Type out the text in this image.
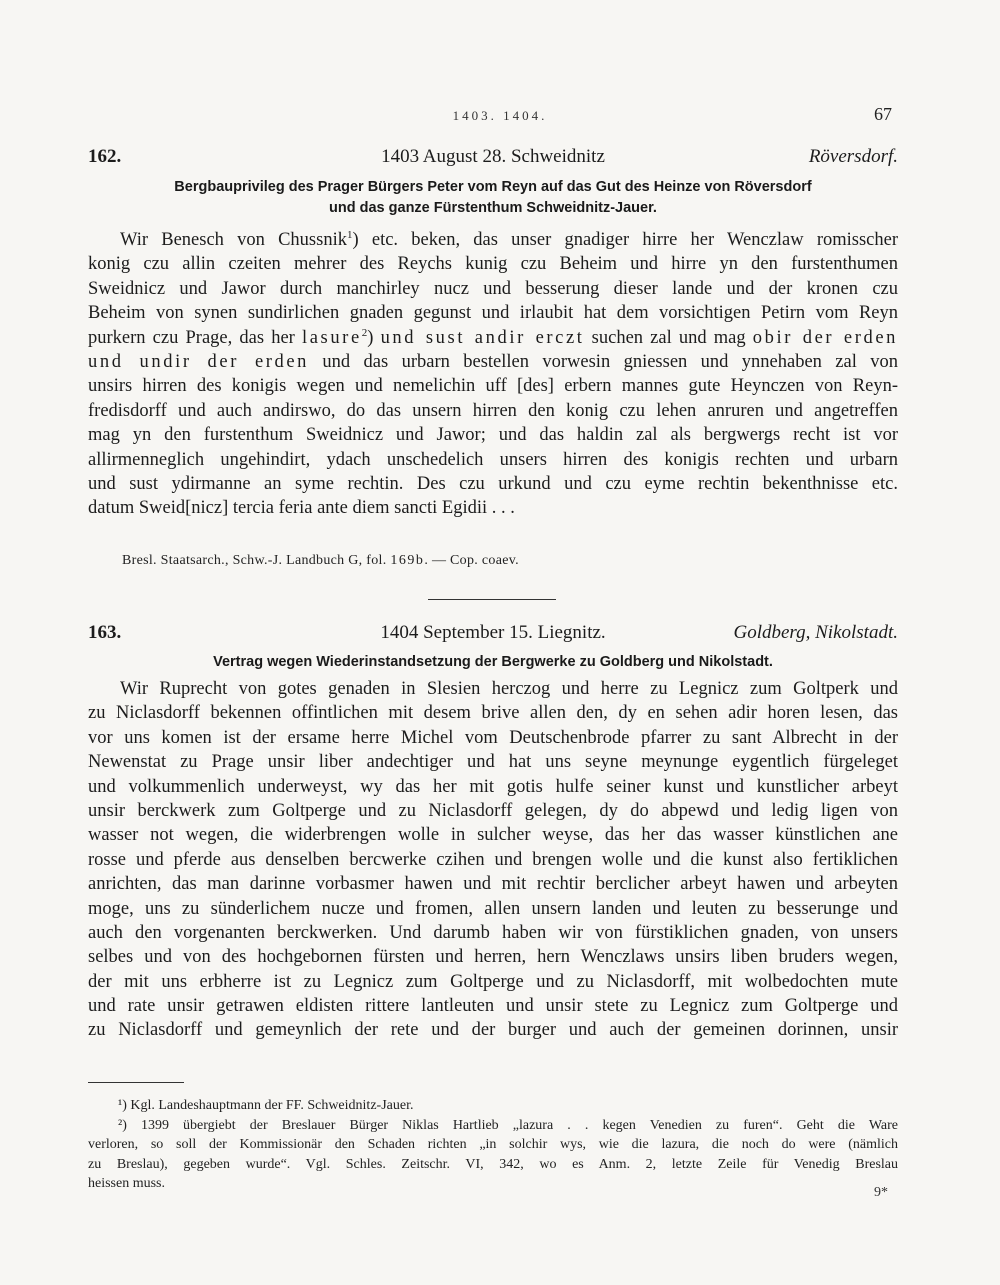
1403. 1404.	67
1403 August 28. Schweidnitz
162.	Röversdorf.
Bergbauprivileg des Prager Bürgers Peter vom Reyn auf das Gut des Heinze von Röversdorf
und das ganze Fürstenthum Schweidnitz-Jauer.
Wir Benesch von Chussnik$^1$) etc. beken, das unser gnadiger hirre her Wenczlaw romisscher
konig czu allin czeiten mehrer des Reychs kunig czu Beheim und hirre yn den furstenthumen
Sweidnicz und Jawor durch manchirley nucz und besserung dieser lande und der kronen czu
Beheim von synen sundirlichen gnaden gegunst und irlaubit hat dem vorsichtigen Petirn vom Reyn
purkern czu Prage, das her lasure$^2$) und sust andir erczt suchen zal und mag obir der erden
und undir der erden und das urbarn bestellen vorwesin gniessen und ynnehaben zal von
unsirs hirren des konigis wegen und nemelichin uff [des] erbern mannes gute Heynczen von Reyn-
fredisdorff und auch andirswo, do das unsern hirren den konig czu lehen anruren und angetreffen
mag yn den furstenthum Sweidnicz und Jawor; und das haldin zal als bergwergs recht ist vor
allirmenneglich ungehindirt, ydach unschedelich unsers hirren des konigis rechten und urbarn
und sust ydirmanne an syme rechtin. Des czu urkund und czu eyme rechtin bekenthnisse etc.
datum Sweid[nicz] tercia feria ante diem sancti Egidii . . .
Bresl. Staatsarch., Schw.-J. Landbuch G, fol. 169b. — Cop. coaev.
1404 September 15. Liegnitz.
163.	Goldberg, Nikolstadt.
Vertrag wegen Wiederinstandsetzung der Bergwerke zu Goldberg und Nikolstadt.
Wir Ruprecht von gotes genaden in Slesien herczog und herre zu Legnicz zum Goltperk und
zu Niclasdorff bekennen offintlichen mit desem brive allen den, dy en sehen adir horen lesen, das
vor uns komen ist der ersame herre Michel vom Deutschenbrode pfarrer zu sant Albrecht in der
Newenstat zu Prage unsir liber andechtiger und hat uns seyne meynunge eygentlich fürgeleget
und volkummenlich underweyst, wy das her mit gotis hulfe seiner kunst und kunstlicher arbeyt
unsir berckwerk zum Goltperge und zu Niclasdorff gelegen, dy do abpewd und ledig ligen von
wasser not wegen, die widerbrengen wolle in sulcher weyse, das her das wasser künstlichen ane
rosse und pferde aus denselben bercwerke czihen und brengen wolle und die kunst also fertiklichen
anrichten, das man darinne vorbasmer hawen und mit rechtir berclicher arbeyt hawen und arbeyten
moge, uns zu sünderlichem nucze und fromen, allen unsern landen und leuten zu besserunge und
auch den vorgenanten berckwerken. Und darumb haben wir von fürstiklichen gnaden, von unsers
selbes und von des hochgebornen fürsten und herren, hern Wenczlaws unsirs liben bruders wegen,
der mit uns erbherre ist zu Legnicz zum Goltperge und zu Niclasdorff, mit wolbedochten mute
und rate unsir getrawen eldisten rittere lantleuten und unsir stete zu Legnicz zum Goltperge und
zu Niclasdorff und gemeynlich der rete und der burger und auch der gemeinen dorinnen, unsir
¹) Kgl. Landeshauptmann der FF. Schweidnitz-Jauer.
²) 1399 übergiebt der Breslauer Bürger Niklas Hartlieb „lazura . . kegen Venedien zu furen“. Geht die Ware
verloren, so soll der Kommissionär den Schaden richten „in solchir wys, wie die lazura, die noch do were (nämlich
zu Breslau), gegeben wurde“. Vgl. Schles. Zeitschr. VI, 342, wo es Anm. 2, letzte Zeile für Venedig Breslau
heissen muss.
9*
